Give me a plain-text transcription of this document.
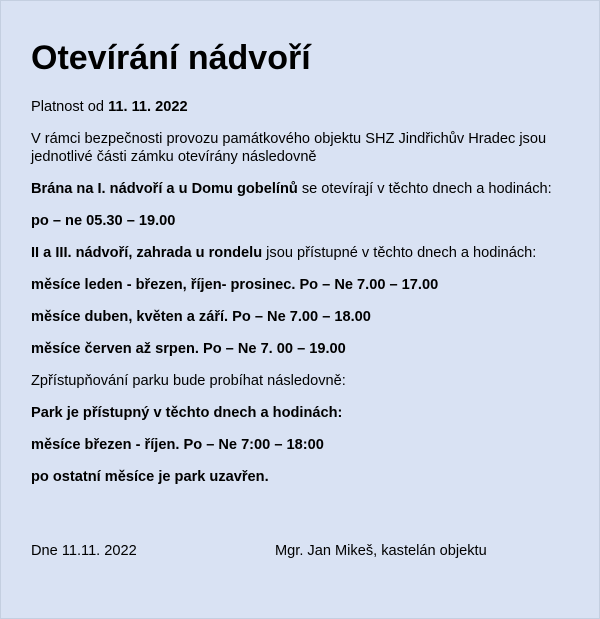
Otevírání nádvoří

Platnost od 11. 11. 2022

V rámci bezpečnosti provozu památkového objektu SHZ Jindřichův Hradec jsou jednotlivé části zámku otevírány následovně

Brána na I. nádvoří a u Domu gobelínů se otevírají v těchto dnech a hodinách:

po – ne 05.30 – 19.00

II a III. nádvoří, zahrada u rondelu jsou přístupné v těchto dnech a hodinách:

měsíce leden - březen, říjen- prosinec. Po – Ne 7.00 – 17.00

měsíce duben, květen a září. Po – Ne 7.00 – 18.00

měsíce červen až srpen. Po – Ne 7. 00 – 19.00

Zpřístupňování parku bude probíhat následovně:

Park je přístupný v těchto dnech a hodinách:

měsíce březen - říjen. Po – Ne 7:00 – 18:00

po ostatní měsíce je park uzavřen.

Dne 11.11. 2022	Mgr. Jan Mikeš, kastelán objektu
